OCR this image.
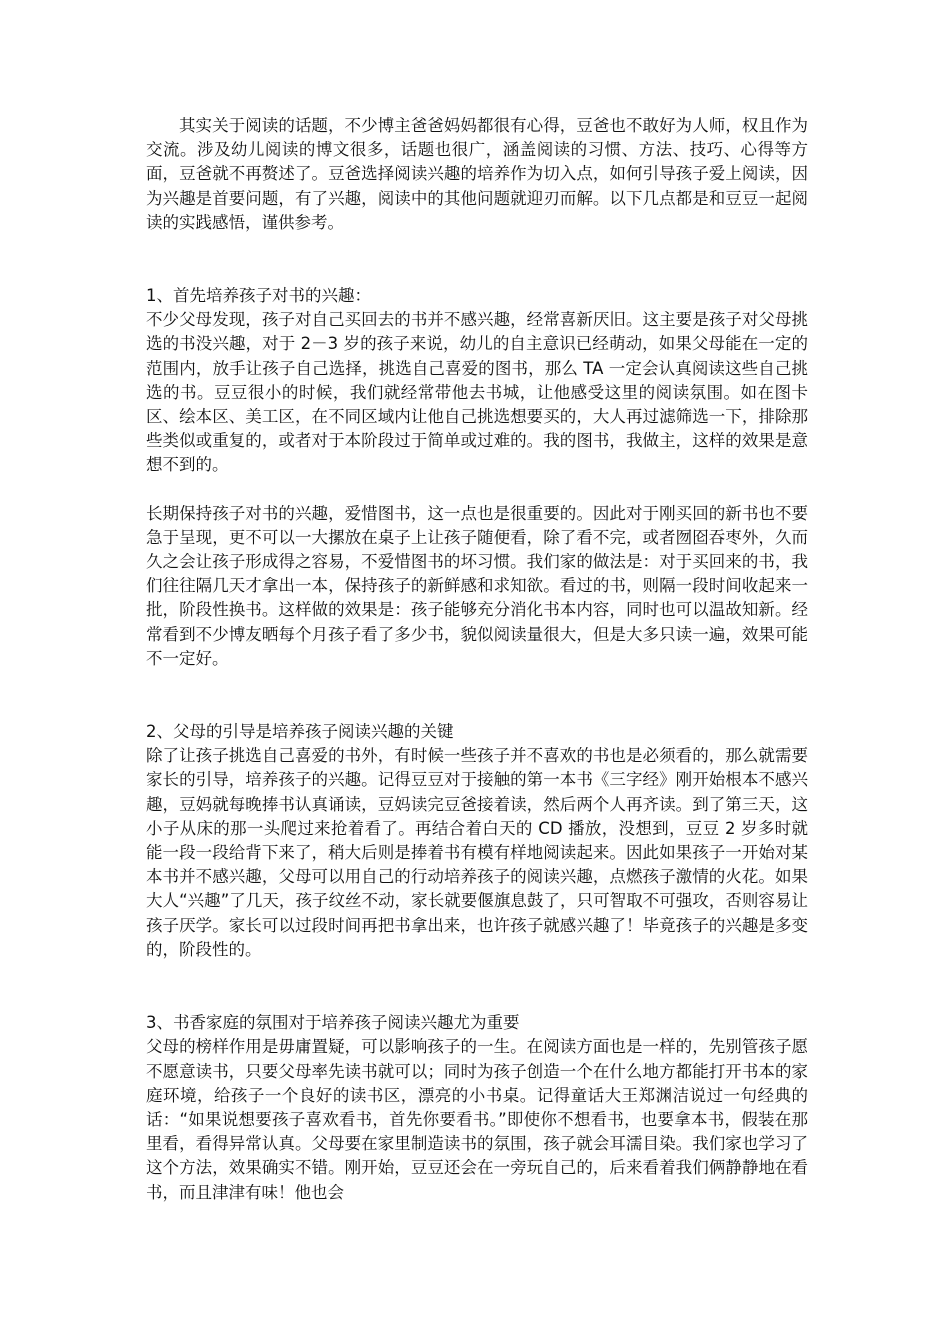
其实关于阅读的话题，不少博主爸爸妈妈都很有心得，豆爸也不敢好为人师，权且作为交流。涉及幼儿阅读的博文很多，话题也很广，涵盖阅读的习惯、方法、技巧、心得等方面，豆爸就不再赘述了。豆爸选择阅读兴趣的培养作为切入点，如何引导孩子爱上阅读，因为兴趣是首要问题，有了兴趣，阅读中的其他问题就迎刃而解。以下几点都是和豆豆一起阅读的实践感悟，谨供参考。

1、首先培养孩子对书的兴趣：

不少父母发现，孩子对自己买回去的书并不感兴趣，经常喜新厌旧。这主要是孩子对父母挑选的书没兴趣，对于 2－3 岁的孩子来说，幼儿的自主意识已经萌动，如果父母能在一定的范围内，放手让孩子自己选择，挑选自己喜爱的图书，那么 TA 一定会认真阅读这些自己挑选的书。豆豆很小的时候，我们就经常带他去书城，让他感受这里的阅读氛围。如在图卡区、绘本区、美工区，在不同区域内让他自己挑选想要买的，大人再过滤筛选一下，排除那些类似或重复的，或者对于本阶段过于简单或过难的。我的图书，我做主，这样的效果是意想不到的。

长期保持孩子对书的兴趣，爱惜图书，这一点也是很重要的。因此对于刚买回的新书也不要急于呈现，更不可以一大摞放在桌子上让孩子随便看，除了看不完，或者囫囵吞枣外，久而久之会让孩子形成得之容易，不爱惜图书的坏习惯。我们家的做法是：对于买回来的书，我们往往隔几天才拿出一本，保持孩子的新鲜感和求知欲。看过的书，则隔一段时间收起来一批，阶段性换书。这样做的效果是：孩子能够充分消化书本内容，同时也可以温故知新。经常看到不少博友晒每个月孩子看了多少书，貌似阅读量很大，但是大多只读一遍，效果可能不一定好。

2、父母的引导是培养孩子阅读兴趣的关键

除了让孩子挑选自己喜爱的书外，有时候一些孩子并不喜欢的书也是必须看的，那么就需要家长的引导，培养孩子的兴趣。记得豆豆对于接触的第一本书《三字经》刚开始根本不感兴趣，豆妈就每晚捧书认真诵读，豆妈读完豆爸接着读，然后两个人再齐读。到了第三天，这小子从床的那一头爬过来抢着看了。再结合着白天的 CD 播放，没想到，豆豆 2 岁多时就能一段一段给背下来了，稍大后则是捧着书有模有样地阅读起来。因此如果孩子一开始对某本书并不感兴趣，父母可以用自己的行动培养孩子的阅读兴趣，点燃孩子激情的火花。如果大人“兴趣”了几天，孩子纹丝不动，家长就要偃旗息鼓了，只可智取不可强攻，否则容易让孩子厌学。家长可以过段时间再把书拿出来，也许孩子就感兴趣了！毕竟孩子的兴趣是多变的，阶段性的。

3、书香家庭的氛围对于培养孩子阅读兴趣尤为重要

父母的榜样作用是毋庸置疑，可以影响孩子的一生。在阅读方面也是一样的，先别管孩子愿不愿意读书，只要父母率先读书就可以；同时为孩子创造一个在什么地方都能打开书本的家庭环境，给孩子一个良好的读书区，漂亮的小书桌。记得童话大王郑渊洁说过一句经典的话：“如果说想要孩子喜欢看书，首先你要看书。”即使你不想看书，也要拿本书，假装在那里看，看得异常认真。父母要在家里制造读书的氛围，孩子就会耳濡目染。我们家也学习了这个方法，效果确实不错。刚开始，豆豆还会在一旁玩自己的，后来看着我们俩静静地在看书，而且津津有味！他也会
